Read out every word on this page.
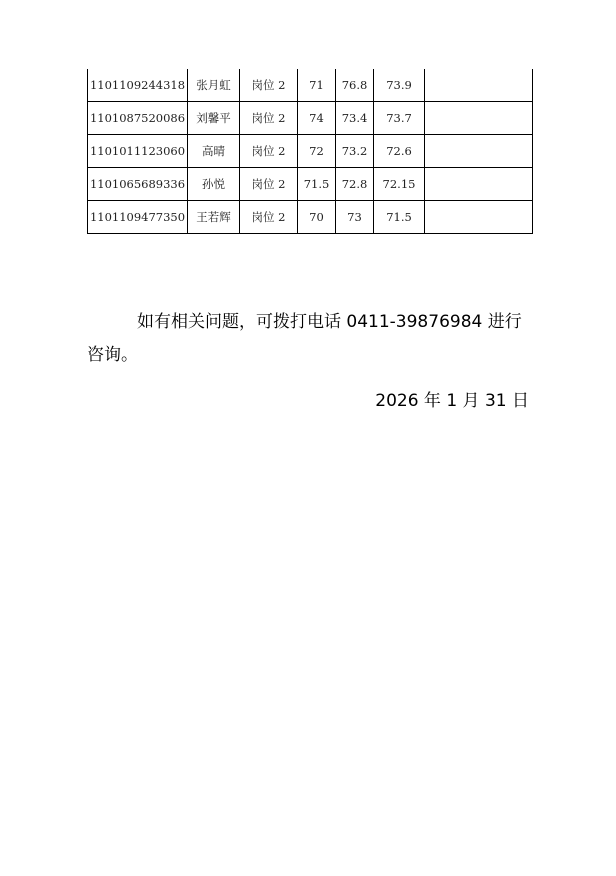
1101109244318	张月虹	岗位 2	71	76.8	73.9	
1101087520086	刘馨平	岗位 2	74	73.4	73.7	
1101011123060	高晴	岗位 2	72	73.2	72.6	
1101065689336	孙悦	岗位 2	71.5	72.8	72.15	
1101109477350	王若辉	岗位 2	70	73	71.5	

如有相关问题，可拨打电话 0411-39876984 进行咨询。

2026 年 1 月 31 日
